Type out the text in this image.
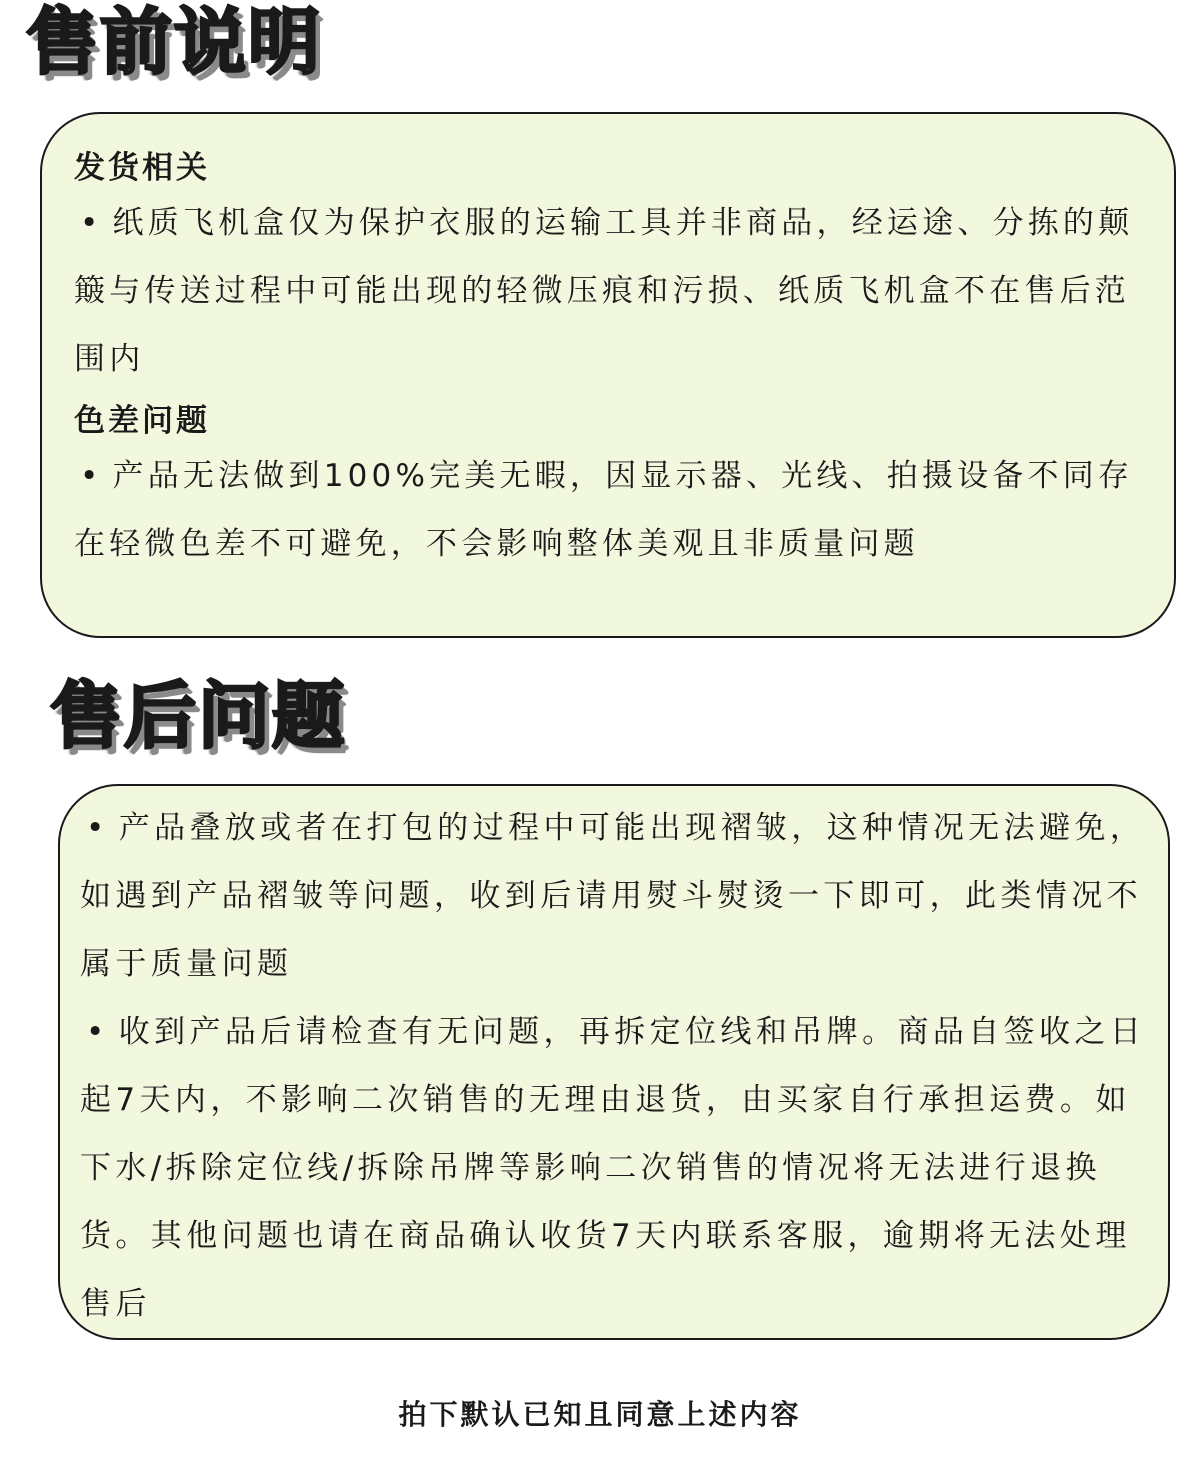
售前说明
发货相关

• 纸质飞机盒仅为保护衣服的运输工具并非商品，经运途、分拣的颠簸与传送过程中可能出现的轻微压痕和污损、纸质飞机盒不在售后范围内

色差问题

• 产品无法做到100%完美无暇，因显示器、光线、拍摄设备不同存在轻微色差不可避免，不会影响整体美观且非质量问题

售后问题

• 产品叠放或者在打包的过程中可能出现褶皱，这种情况无法避免，如遇到产品褶皱等问题，收到后请用熨斗熨烫一下即可，此类情况不属于质量问题

• 收到产品后请检查有无问题，再拆定位线和吊牌。商品自签收之日起7天内，不影响二次销售的无理由退货，由买家自行承担运费。如下水/拆除定位线/拆除吊牌等影响二次销售的情况将无法进行退换货。其他问题也请在商品确认收货7天内联系客服，逾期将无法处理售后

拍下默认已知且同意上述内容
